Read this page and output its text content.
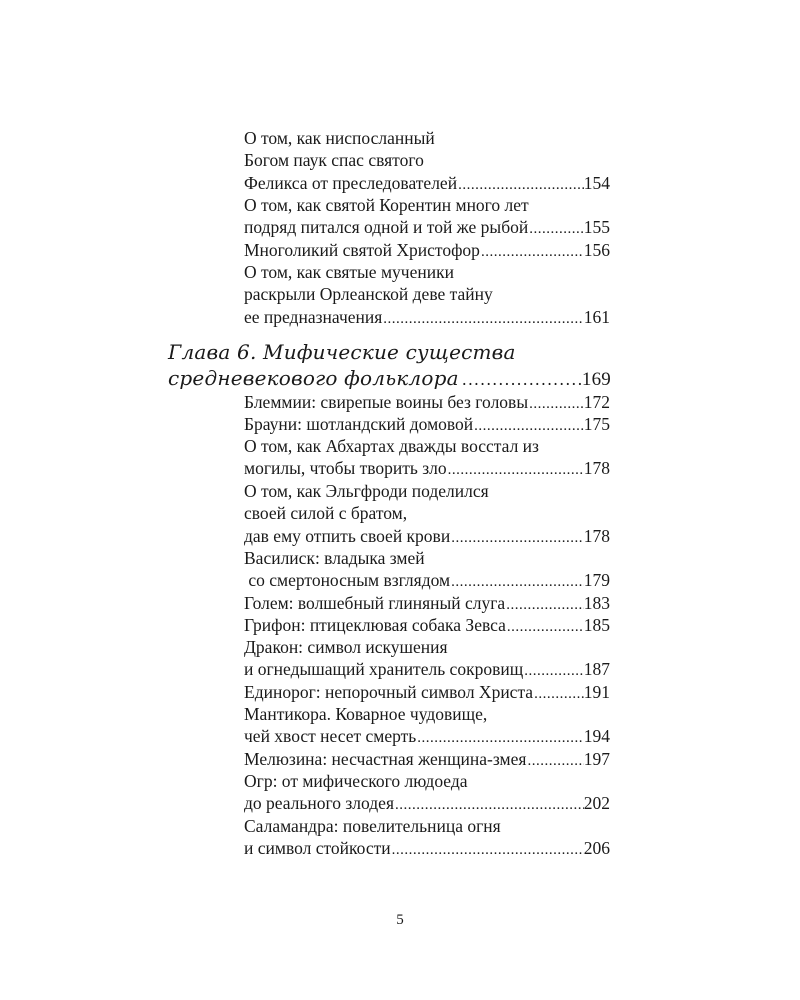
О том, как ниспосланный
Богом паук спас святого
Феликса от преследователей .....	154
О том, как святой Корентин много лет
подряд питался одной и той же рыбой .....	155
Многоликий святой Христофор .....	156
О том, как святые мученики
раскрыли Орлеанской деве тайну
ее предназначения .....	161
Глава 6. Мифические существа
средневекового фольклора .....	169
Блеммии: свирепые воины без головы .....	172
Брауни: шотландский домовой .....	175
О том, как Абхартах дважды восстал из
могилы, чтобы творить зло .....	178
О том, как Эльгфроди поделился
своей силой с братом,
дав ему отпить своей крови .....	178
Василиск: владыка змей
со смертоносным взглядом .....	179
Голем: волшебный глиняный слуга .....	183
Грифон: птицеклювая собака Зевса .....	185
Дракон: символ искушения
и огнедышащий хранитель сокровищ .....	187
Единорог: непорочный символ Христа .....	191
Мантикора. Коварное чудовище,
чей хвост несет смерть .....	194
Мелюзина: несчастная женщина-змея .....	197
Огр: от мифического людоеда
до реального злодея .....	202
Саламандра: повелительница огня
и символ стойкости .....	206
5
